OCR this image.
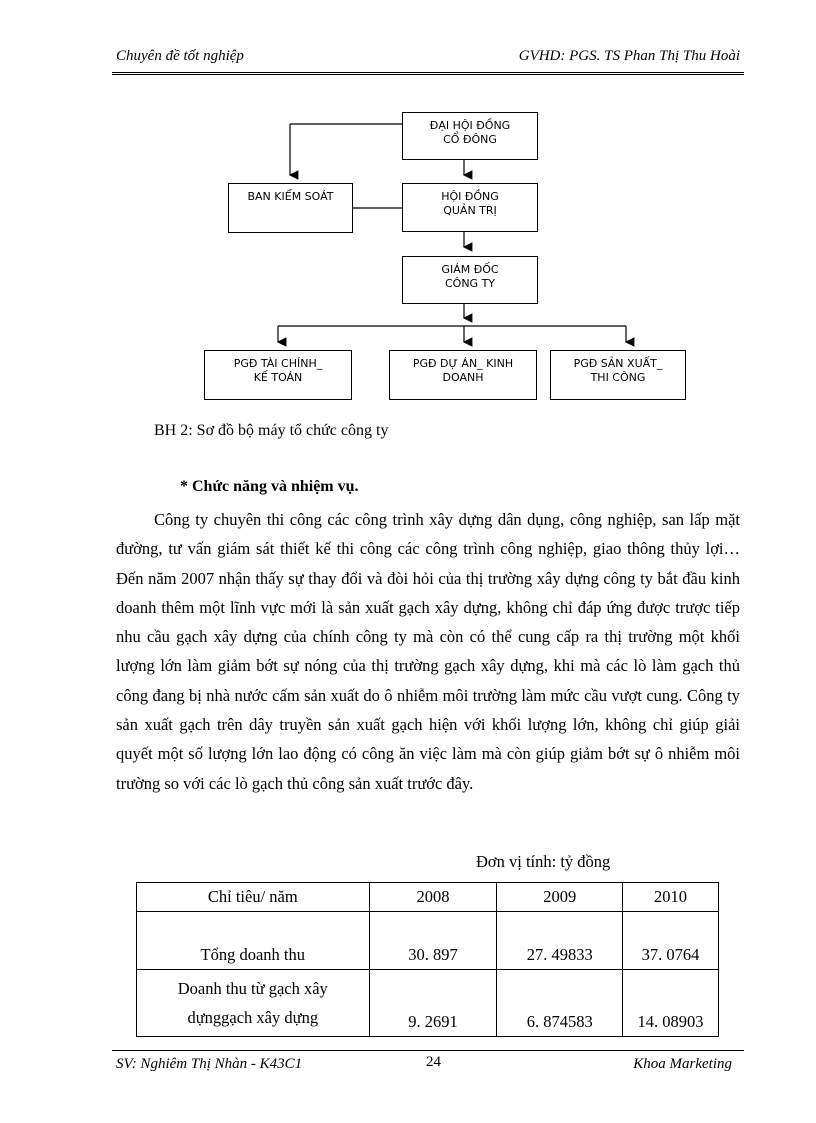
Chuyên đề tốt nghiệp	GVHD: PGS. TS Phan Thị Thu Hoài
ĐẠI HỘI ĐỒNG
CỔ ĐÔNG
BAN KIỂM SOÁT	HỘI ĐỒNG
QUẢN TRỊ
GIÁM ĐỐC
CÔNG TY
PGĐ TÀI CHÍNH_
KẾ TOÁN
PGĐ DỰ ÁN_ KINH
DOANH
PGĐ SẢN XUẤT_
THI CÔNG
BH 2: Sơ đồ bộ máy tổ chức công ty
* Chức năng và nhiệm vụ.
Công ty chuyên thi công các công trình xây dựng dân dụng, công nghiệp, san lấp mặt đường, tư vấn giám sát thiết kế thi công các công trình công nghiệp, giao thông thủy lợi… Đến năm 2007 nhận thấy sự thay đổi và đòi hỏi của thị trường xây dựng công ty bắt đầu kinh doanh thêm một lĩnh vực mới là sản xuất gạch xây dựng, không chỉ đáp ứng được trược tiếp nhu cầu gạch xây dựng của chính công ty mà còn có thể cung cấp ra thị trường một khối lượng lớn làm giảm bớt sự nóng của thị trường gạch xây dựng, khi mà các lò làm gạch thủ công đang bị nhà nước cấm sản xuất do ô nhiễm môi trường làm mức cầu vượt cung. Công ty sản xuất gạch trên dây truyền sản xuất gạch hiện với khối lượng lớn, không chỉ giúp giải quyết một số lượng lớn lao động có công ăn việc làm mà còn giúp giảm bớt sự ô nhiễm môi trường so với các lò gạch thủ công sản xuất trước đây.
Đơn vị tính: tỷ đồng
Chỉ tiêu/ năm	2008	2009	2010
Tổng doanh thu	30. 897	27. 49833	37. 0764

Doanh thu từ gạch xây
dựnggạch xây dựng	9. 2691	6. 874583	14. 08903
SV: Nghiêm Thị Nhàn - K43C1	24	Khoa Marketing
